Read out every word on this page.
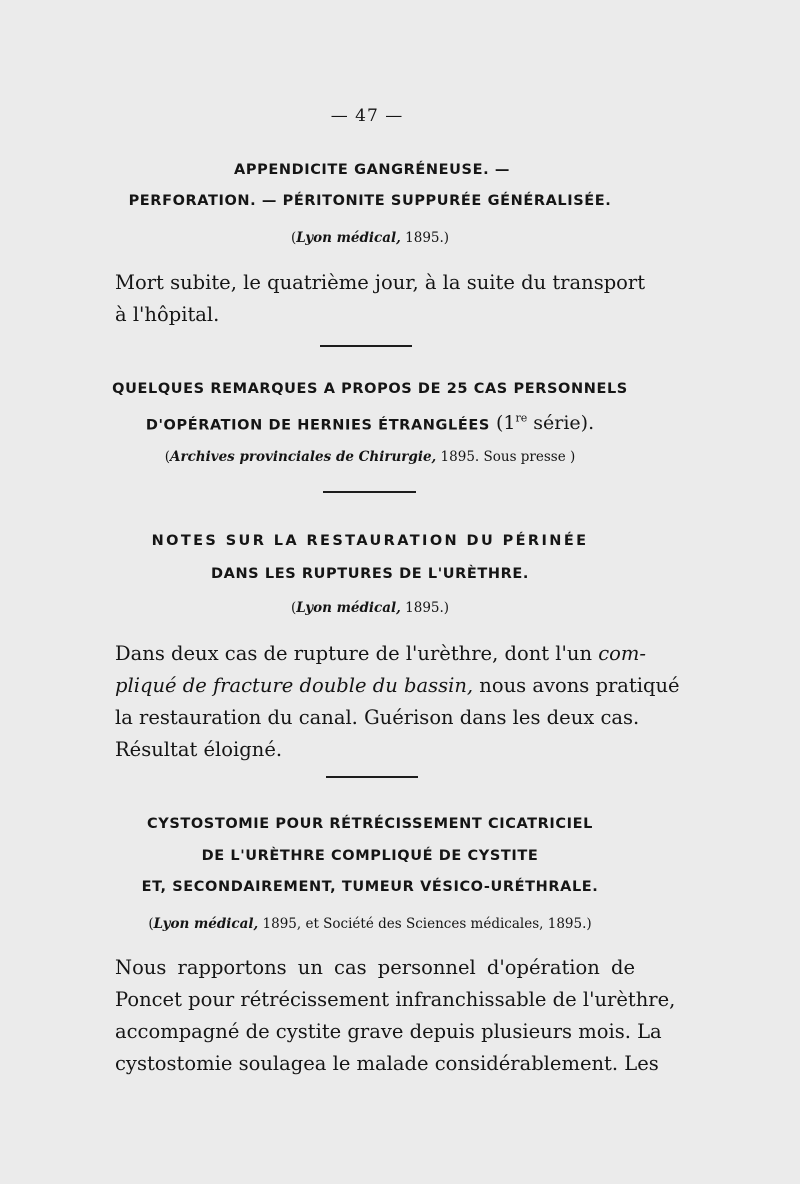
— 47 —
APPENDICITE GANGRÉNEUSE. —
PERFORATION. — PÉRITONITE SUPPURÉE GÉNÉRALISÉE.
(Lyon médical, 1895.)
Mort subite, le quatrième jour, à la suite du transport
à l'hôpital.
QUELQUES REMARQUES A PROPOS DE 25 CAS PERSONNELS
D'OPÉRATION DE HERNIES ÉTRANGLÉES (1re série).
(Archives provinciales de Chirurgie, 1895. Sous presse )
NOTES SUR LA RESTAURATION DU PÉRINÉE
DANS LES RUPTURES DE L'URÈTHRE.
(Lyon médical, 1895.)
Dans deux cas de rupture de l'urèthre, dont l'un com-
pliqué de fracture double du bassin, nous avons pratiqué
la restauration du canal. Guérison dans les deux cas.
Résultat éloigné.
CYSTOSTOMIE POUR RÉTRÉCISSEMENT CICATRICIEL
DE L'URÈTHRE COMPLIQUÉ DE CYSTITE
ET, SECONDAIREMENT, TUMEUR VÉSICO-URÉTHRALE.
(Lyon médical, 1895, et Société des Sciences médicales, 1895.)
Nous rapportons un cas personnel d'opération de
Poncet pour rétrécissement infranchissable de l'urèthre,
accompagné de cystite grave depuis plusieurs mois. La
cystostomie soulagea le malade considérablement. Les
